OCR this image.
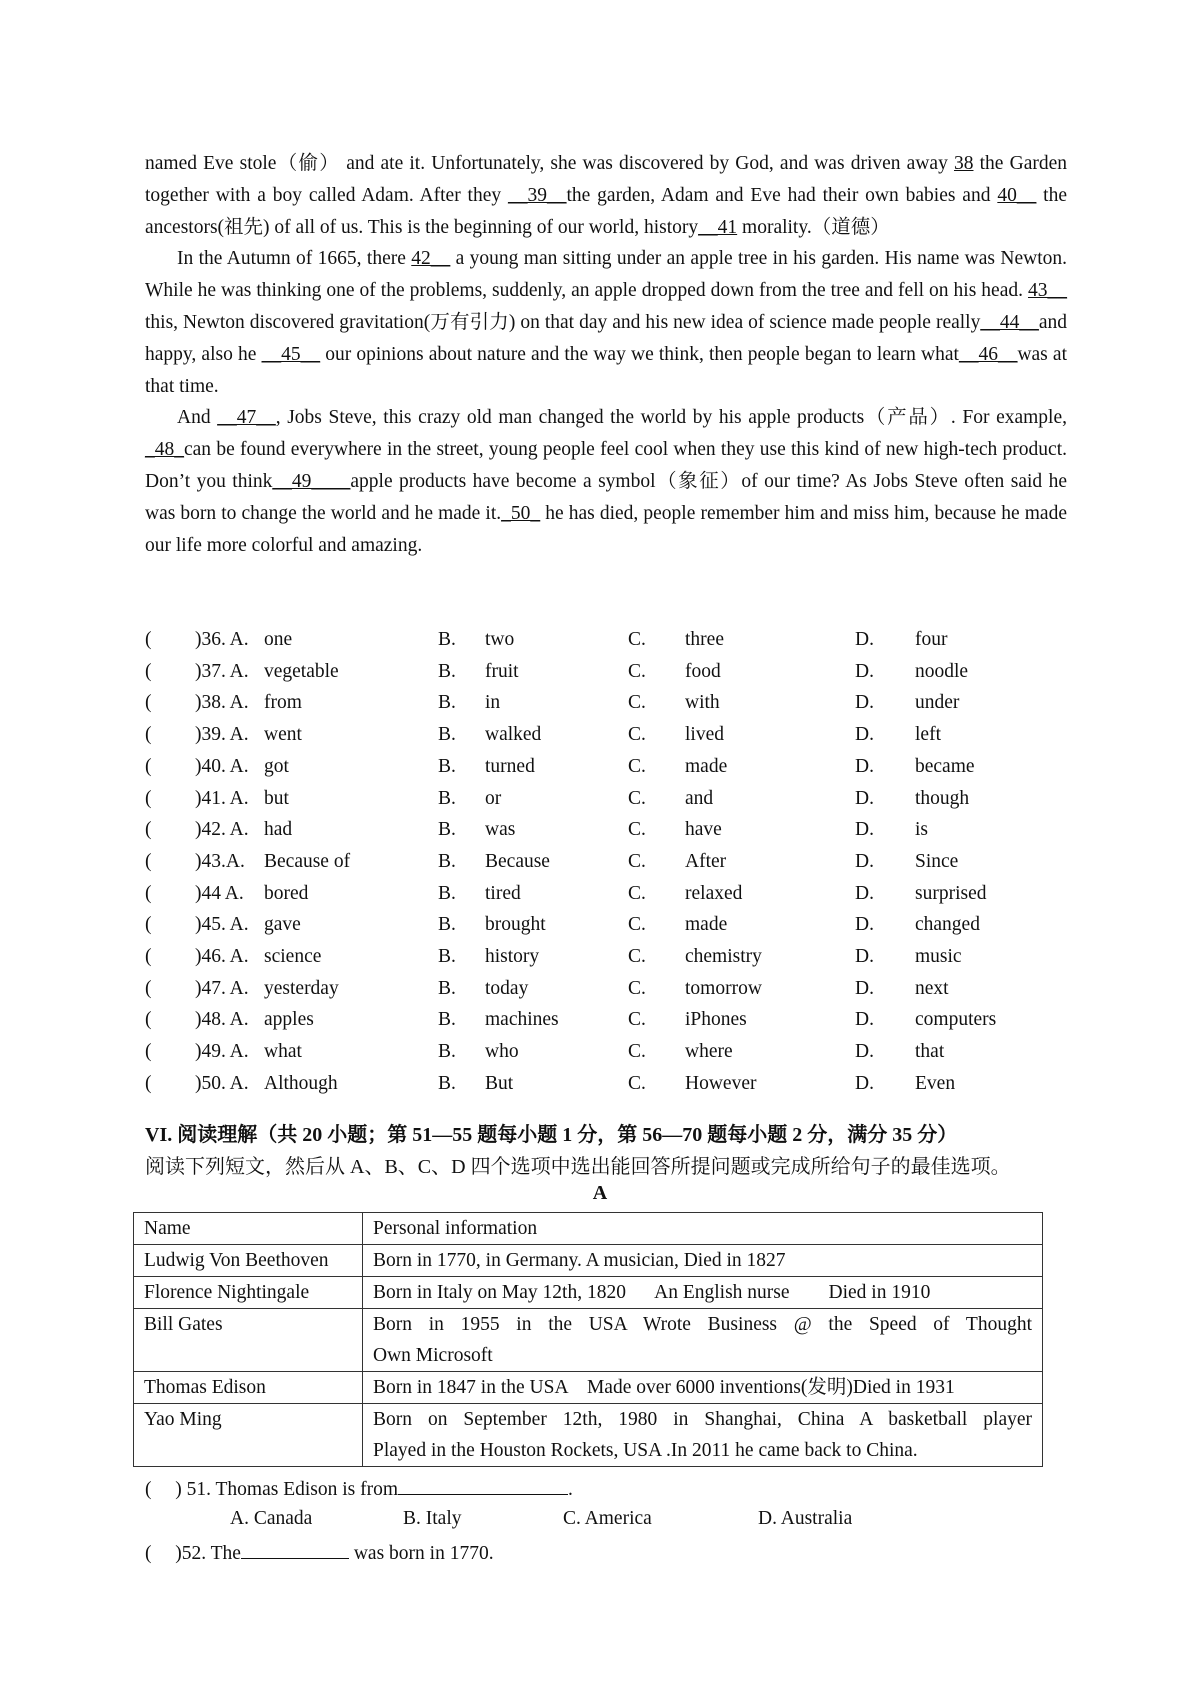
named Eve stole（偷） and ate it. Unfortunately, she was discovered by God, and was driven away 38 the Garden together with a boy called Adam. After they __39__the garden, Adam and Eve had their own babies and 40__ the ancestors(祖先) of all of us. This is the beginning of our world, history__41 morality.（道德）

In the Autumn of 1665, there 42__ a young man sitting under an apple tree in his garden. His name was Newton. While he was thinking one of the problems, suddenly, an apple dropped down from the tree and fell on his head. 43__ this, Newton discovered gravitation(万有引力) on that day and his new idea of science made people really__44__and happy, also he __45__ our opinions about nature and the way we think, then people began to learn what__46__was at that time.

And __47__, Jobs Steve, this crazy old man changed the world by his apple products（产品）. For example, _48_can be found everywhere in the street, young people feel cool when they use this kind of new high-tech product. Don’t you think__49____apple products have become a symbol（象征）of our time? As Jobs Steve often said he was born to change the world and he made it._50_ he has died, people remember him and miss him, because he made our life more colorful and amazing.

( )36. A. one	B. two	C. three	D. four
( )37. A. vegetable	B. fruit	C. food	D. noodle
( )38. A. from	B. in	C. with	D. under
( )39. A. went	B. walked	C. lived	D. left
( )40. A. got	B. turned	C. made	D. became
( )41. A. but	B. or	C. and	D. though
( )42. A. had	B. was	C. have	D. is
( )43.A. Because of	B. Because	C. After	D. Since
( )44 A. bored	B. tired	C. relaxed	D. surprised
( )45. A. gave	B. brought	C. made	D. changed
( )46. A. science	B. history	C. chemistry	D. music
( )47. A. yesterday	B. today	C. tomorrow	D. next
( )48. A. apples	B. machines	C. iPhones	D. computers
( )49. A. what	B. who	C. where	D. that
( )50. A. Although	B. But	C. However	D. Even
VI. 阅读理解（共 20 小题；第 51—55 题每小题 1 分，第 56—70 题每小题 2 分，满分 35 分）
阅读下列短文，然后从 A、B、C、D 四个选项中选出能回答所提问题或完成所给句子的最佳选项。
A
Name	Personal information
Ludwig Von Beethoven	Born in 1770, in Germany. A musician, Died in 1827

Florence Nightingale	Born in Italy on May 12th, 1820      An English nurse        Died in 1910

Bill Gates	Born in 1955 in the USA Wrote Business @ the Speed of Thought
Own Microsoft

Thomas Edison	Born in 1847 in the USA    Made over 6000 inventions(发明)Died in 1931

Yao Ming	Born on September 12th, 1980 in Shanghai, China A basketball player
Played in the Houston Rockets, USA .In 2011 he came back to China.
( ) 51. Thomas Edison is from	.
A. Canada	B. Italy	C. America	D. Australia
( )52. The	was born in 1770.
